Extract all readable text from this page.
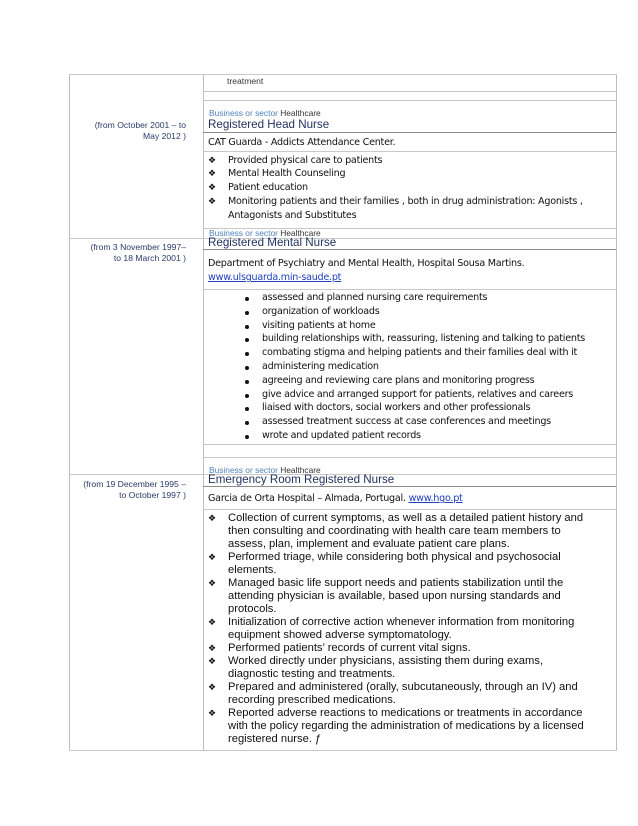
treatment
Business or sector Healthcare
(from October 2001 – to
May 2012 )
Registered Head Nurse
CAT Guarda - Addicts Attendance Center.
❖ Provided physical care to patients
❖ Mental Health Counseling
❖ Patient education
❖ Monitoring patients and their families , both in drug administration: Agonists ,
Antagonists and Substitutes
Business or sector Healthcare
(from 3 November 1997–
to 18 March 2001 )
Registered Mental Nurse
Department of Psychiatry and Mental Health, Hospital Sousa Martins.
www.ulsguarda.min-saude.pt
assessed and planned nursing care requirements
organization of workloads
visiting patients at home
building relationships with, reassuring, listening and talking to patients
combating stigma and helping patients and their families deal with it
administering medication
agreeing and reviewing care plans and monitoring progress
give advice and arranged support for patients, relatives and careers
liaised with doctors, social workers and other professionals
assessed treatment success at case conferences and meetings
wrote and updated patient records
Business or sector Healthcare
(from 19 December 1995 –
to October 1997 )
Emergency Room Registered Nurse
Garcia de Orta Hospital – Almada, Portugal. www.hgo.pt
❖ Collection of current symptoms, as well as a detailed patient history and
then consulting and coordinating with health care team members to
assess, plan, implement and evaluate patient care plans.
❖ Performed triage, while considering both physical and psychosocial
elements.
❖ Managed basic life support needs and patients stabilization until the
attending physician is available, based upon nursing standards and
protocols.
❖ Initialization of corrective action whenever information from monitoring
equipment showed adverse symptomatology.
❖ Performed patients’ records of current vital signs.
❖ Worked directly under physicians, assisting them during exams,
diagnostic testing and treatments.
❖ Prepared and administered (orally, subcutaneously, through an IV) and
recording prescribed medications.
❖ Reported adverse reactions to medications or treatments in accordance
with the policy regarding the administration of medications by a licensed
registered nurse. ƒ
